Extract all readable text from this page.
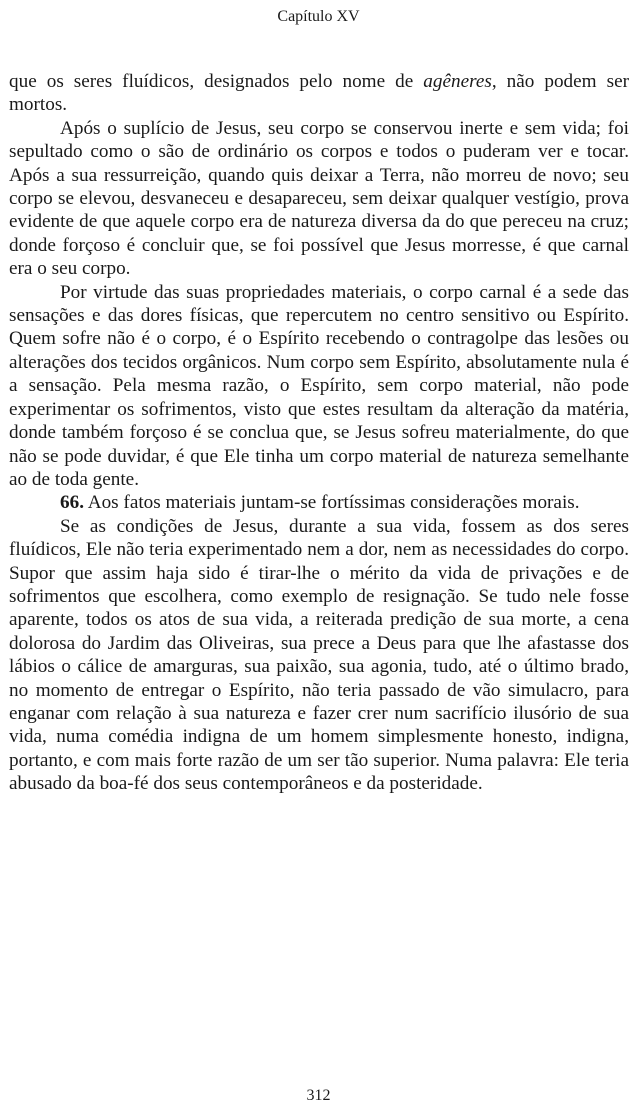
Capítulo XV

que os seres fluídicos, designados pelo nome de agêneres, não podem ser mortos.

Após o suplício de Jesus, seu corpo se conservou inerte e sem vida; foi sepultado como o são de ordinário os corpos e todos o puderam ver e tocar. Após a sua ressurreição, quando quis deixar a Terra, não morreu de novo; seu corpo se elevou, desvaneceu e desapareceu, sem deixar qualquer vestígio, prova evidente de que aquele corpo era de natureza diversa da do que pereceu na cruz; donde forçoso é concluir que, se foi possível que Jesus morresse, é que carnal era o seu corpo.

Por virtude das suas propriedades materiais, o corpo carnal é a sede das sensações e das dores físicas, que repercutem no centro sensitivo ou Espírito. Quem sofre não é o corpo, é o Espírito recebendo o contragolpe das lesões ou alterações dos tecidos orgânicos. Num corpo sem Espírito, absolutamente nula é a sensação. Pela mesma razão, o Espírito, sem corpo material, não pode experimentar os sofrimentos, visto que estes resultam da alteração da matéria, donde também forçoso é se conclua que, se Jesus sofreu materialmente, do que não se pode duvidar, é que Ele tinha um corpo material de natureza semelhante ao de toda gente.

66. Aos fatos materiais juntam-se fortíssimas considerações morais.

Se as condições de Jesus, durante a sua vida, fossem as dos seres fluídicos, Ele não teria experimentado nem a dor, nem as necessidades do corpo. Supor que assim haja sido é tirar-lhe o mérito da vida de privações e de sofrimentos que escolhera, como exemplo de resignação. Se tudo nele fosse aparente, todos os atos de sua vida, a reiterada predição de sua morte, a cena dolorosa do Jardim das Oliveiras, sua prece a Deus para que lhe afastasse dos lábios o cálice de amarguras, sua paixão, sua agonia, tudo, até o último brado, no momento de entregar o Espírito, não teria passado de vão simulacro, para enganar com relação à sua natureza e fazer crer num sacrifício ilusório de sua vida, numa comédia indigna de um homem simplesmente honesto, indigna, portanto, e com mais forte razão de um ser tão superior. Numa palavra: Ele teria abusado da boa-fé dos seus contemporâneos e da posteridade.

312
